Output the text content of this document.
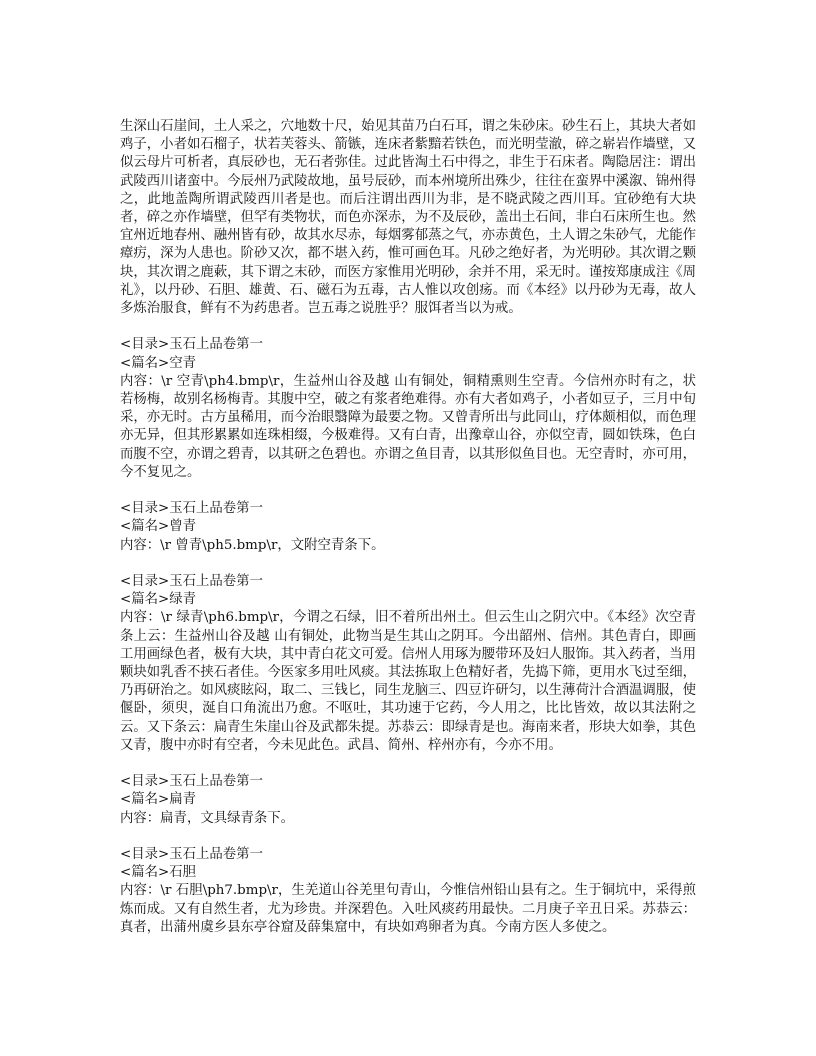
生深山石崖间，土人采之，穴地数十尺，始见其苗乃白石耳，谓之朱砂床。砂生石上，其块大者如鸡子，小者如石榴子，状若芙蓉头、箭镞，连床者紫黯若铁色，而光明莹澈，碎之崭岩作墙壁，又似云母片可析者，真辰砂也，无石者弥佳。过此皆淘土石中得之，非生于石床者。陶隐居注：谓出武陵西川诸蛮中。今辰州乃武陵故地，虽号辰砂，而本州境所出殊少，往往在蛮界中溪溆、锦州得之，此地盖陶所谓武陵西川者是也。而后注谓出西川为非，是不晓武陵之西川耳。宜砂绝有大块者，碎之亦作墙壁，但罕有类物状，而色亦深赤，为不及辰砂，盖出土石间，非白石床所生也。然宜州近地春州、融州皆有砂，故其水尽赤，每烟雾郁蒸之气，亦赤黄色，土人谓之朱砂气，尤能作瘴疠，深为人患也。阶砂又次，都不堪入药，惟可画色耳。凡砂之绝好者，为光明砂。其次谓之颗块，其次谓之鹿蔌，其下谓之末砂，而医方家惟用光明砂，余并不用，采无时。谨按郑康成注《周礼》，以丹砂、石胆、雄黄、石、磁石为五毒，古人惟以攻创疡。而《本经》以丹砂为无毒，故人多炼治服食，鲜有不为药患者。岂五毒之说胜乎？服饵者当以为戒。

<目录>玉石上品卷第一
<篇名>空青

内容：\r 空青\ph4.bmp\r，生益州山谷及越 山有铜处，铜精熏则生空青。今信州亦时有之，状若杨梅，故别名杨梅青。其腹中空，破之有浆者绝难得。亦有大者如鸡子，小者如豆子，三月中旬采，亦无时。古方虽稀用，而今治眼翳障为最要之物。又曾青所出与此同山，疗体颇相似，而色理亦无异，但其形累累如连珠相缀，今极难得。又有白青，出豫章山谷，亦似空青，圆如铁珠，色白而腹不空，亦谓之碧青，以其研之色碧也。亦谓之鱼目青，以其形似鱼目也。无空青时，亦可用，今不复见之。

<目录>玉石上品卷第一
<篇名>曾青

内容：\r 曾青\ph5.bmp\r，文附空青条下。

<目录>玉石上品卷第一
<篇名>绿青

内容：\r 绿青\ph6.bmp\r，今谓之石绿，旧不着所出州土。但云生山之阴穴中。《本经》次空青条上云：生益州山谷及越 山有铜处，此物当是生其山之阴耳。今出韶州、信州。其色青白，即画工用画绿色者，极有大块，其中青白花文可爱。信州人用琢为腰带环及妇人服饰。其入药者，当用颗块如乳香不挟石者佳。今医家多用吐风痰。其法拣取上色精好者，先捣下筛，更用水飞过至细，乃再研治之。如风痰眩闷，取二、三钱匕，同生龙脑三、四豆许研匀，以生薄荷汁合酒温调服，使偃卧，须臾，涎自口角流出乃愈。不呕吐，其功速于它药，今人用之，比比皆效，故以其法附之云。又下条云：扁青生朱崖山谷及武都朱提。苏恭云：即绿青是也。海南来者，形块大如拳，其色又青，腹中亦时有空者，今未见此色。武昌、简州、梓州亦有，今亦不用。

<目录>玉石上品卷第一
<篇名>扁青

内容：扁青，文具绿青条下。

<目录>玉石上品卷第一
<篇名>石胆

内容：\r 石胆\ph7.bmp\r，生羌道山谷羌里句青山，今惟信州铅山县有之。生于铜坑中，采得煎炼而成。又有自然生者，尤为珍贵。并深碧色。入吐风痰药用最快。二月庚子辛丑日采。苏恭云：真者，出蒲州虞乡县东亭谷窟及薛集窟中，有块如鸡卵者为真。今南方医人多使之。
